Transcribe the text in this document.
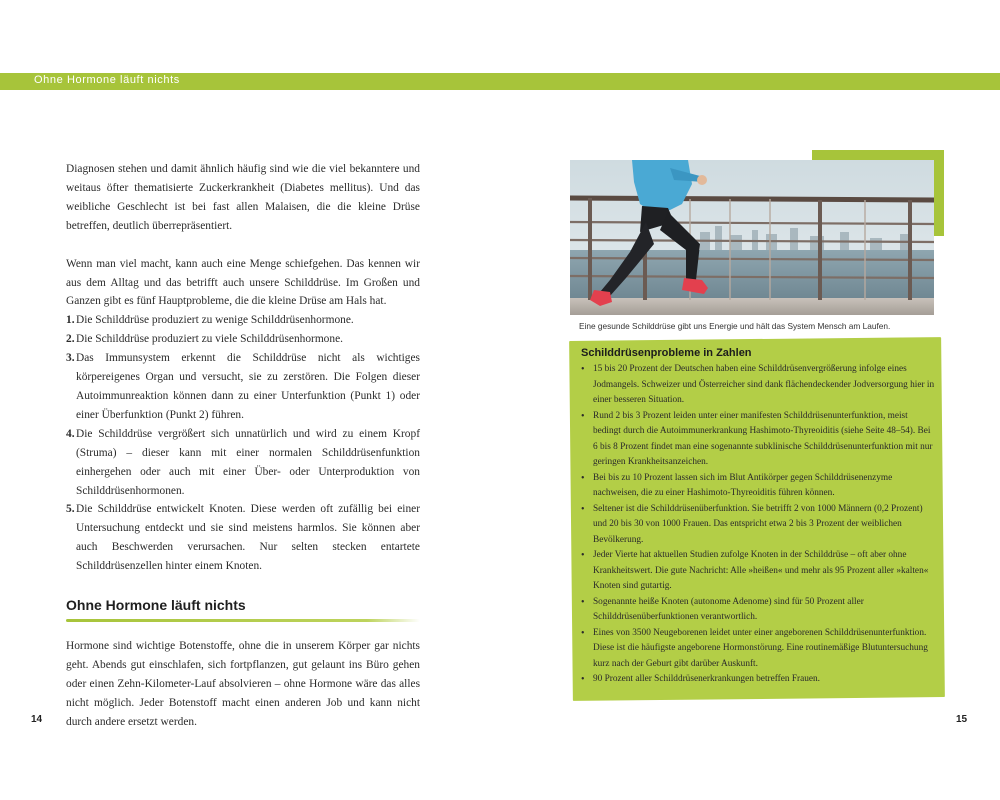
Ohne Hormone läuft nichts

Diagnosen stehen und damit ähnlich häufig sind wie die viel bekanntere und weitaus öfter thematisierte Zuckerkrankheit (Diabetes mellitus). Und das weibliche Geschlecht ist bei fast allen Malaisen, die die kleine Drüse betreffen, deutlich überrepräsentiert.

Wenn man viel macht, kann auch eine Menge schiefgehen. Das kennen wir aus dem Alltag und das betrifft auch unsere Schilddrüse. Im Großen und Ganzen gibt es fünf Hauptprobleme, die die kleine Drüse am Hals hat.

1. Die Schilddrüse produziert zu wenige Schilddrüsenhormone.
2. Die Schilddrüse produziert zu viele Schilddrüsenhormone.
3. Das Immunsystem erkennt die Schilddrüse nicht als wichtiges körpereigenes Organ und versucht, sie zu zerstören. Die Folgen dieser Autoimmunreaktion können dann zu einer Unterfunktion (Punkt 1) oder einer Überfunktion (Punkt 2) führen.
4. Die Schilddrüse vergrößert sich unnatürlich und wird zu einem Kropf (Struma) – dieser kann mit einer normalen Schilddrüsenfunktion einhergehen oder auch mit einer Über- oder Unterproduktion von Schilddrüsenhormonen.
5. Die Schilddrüse entwickelt Knoten. Diese werden oft zufällig bei einer Untersuchung entdeckt und sie sind meistens harmlos. Sie können aber auch Beschwerden verursachen. Nur selten stecken entartete Schilddrüsenzellen hinter einem Knoten.

Ohne Hormone läuft nichts

Hormone sind wichtige Botenstoffe, ohne die in unserem Körper gar nichts geht. Abends gut einschlafen, sich fortpflanzen, gut gelaunt ins Büro gehen oder einen Zehn-Kilometer-Lauf absolvieren – ohne Hormone wäre das alles nicht möglich. Jeder Botenstoff macht einen anderen Job und kann nicht durch andere ersetzt werden.

14	15
Eine gesunde Schilddrüse gibt uns Energie und hält das System Mensch am Laufen.
Schilddrüsenprobleme in Zahlen
• 15 bis 20 Prozent der Deutschen haben eine Schilddrüsenvergrößerung infolge eines Jodmangels. Schweizer und Österreicher sind dank flächendeckender Jodversorgung hier in einer besseren Situation.
• Rund 2 bis 3 Prozent leiden unter einer manifesten Schilddrüsenunterfunktion, meist bedingt durch die Autoimmunerkrankung Hashimoto-Thyreoiditis (siehe Seite 48–54). Bei 6 bis 8 Prozent findet man eine sogenannte subklinische Schilddrüsenunterfunktion mit nur geringen Krankheitsanzeichen.
• Bei bis zu 10 Prozent lassen sich im Blut Antikörper gegen Schilddrüsenenzyme nachweisen, die zu einer Hashimoto-Thyreoiditis führen können.
• Seltener ist die Schilddrüsenüberfunktion. Sie betrifft 2 von 1000 Männern (0,2 Prozent) und 20 bis 30 von 1000 Frauen. Das entspricht etwa 2 bis 3 Prozent der weiblichen Bevölkerung.
• Jeder Vierte hat aktuellen Studien zufolge Knoten in der Schilddrüse – oft aber ohne Krankheitswert. Die gute Nachricht: Alle »heißen« und mehr als 95 Prozent aller »kalten« Knoten sind gutartig.
• Sogenannte heiße Knoten (autonome Adenome) sind für 50 Prozent aller Schilddrüsenüberfunktionen verantwortlich.
• Eines von 3500 Neugeborenen leidet unter einer angeborenen Schilddrüsenunterfunktion. Diese ist die häufigste angeborene Hormonstörung. Eine routinemäßige Blutuntersuchung kurz nach der Geburt gibt darüber Auskunft.
• 90 Prozent aller Schilddrüsenerkrankungen betreffen Frauen.
